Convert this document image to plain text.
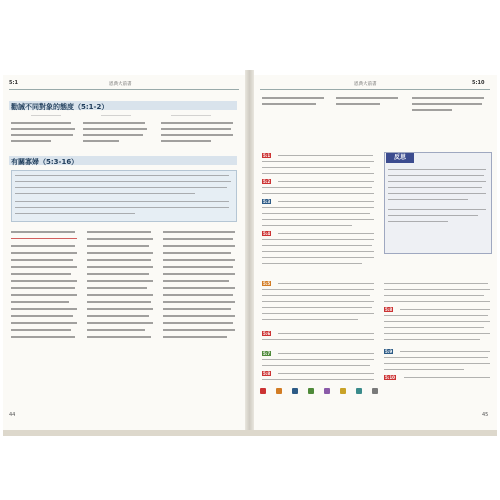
5:1	恩典大前書
勸誡不同對象的態度（5:1-2）
有關寡婦（5:3-16）
44
恩典大前書	5:10
5:1
5:2
5:3
5:4
5:5
5:6
5:7
5:8
反思
5:8
5:9
5:10
45
